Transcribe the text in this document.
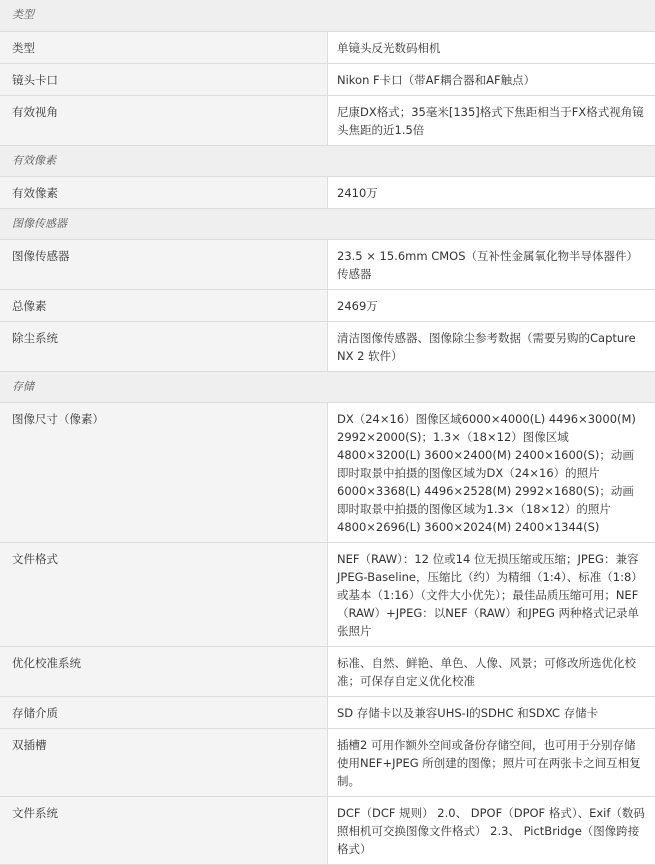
类型	
类型	单镜头反光数码相机
镜头卡口	Nikon F卡口（带AF耦合器和AF触点）
有效视角	尼康DX格式；35毫米[135]格式下焦距相当于FX格式视角镜头焦距的近1.5倍
有效像素	
有效像素	2410万
图像传感器	
图像传感器	23.5 × 15.6mm CMOS（互补性金属氧化物半导体器件）传感器
总像素	2469万
除尘系统	清洁图像传感器、图像除尘参考数据（需要另购的Capture NX 2 软件）
存储	
图像尺寸（像素）	DX（24×16）图像区域6000×4000(L) 4496×3000(M) 2992×2000(S)；1.3×（18×12）图像区域4800×3200(L) 3600×2400(M) 2400×1600(S)；动画即时取景中拍摄的图像区域为DX（24×16）的照片6000×3368(L) 4496×2528(M) 2992×1680(S)；动画即时取景中拍摄的图像区域为1.3×（18×12）的照片4800×2696(L) 3600×2024(M) 2400×1344(S)
文件格式	NEF（RAW）：12 位或14 位无损压缩或压缩；JPEG：兼容JPEG-Baseline，压缩比（约）为精细（1:4）、标准（1:8）或基本（1:16）（文件大小优先）；最佳品质压缩可用；NEF（RAW）+JPEG：以NEF（RAW）和JPEG 两种格式记录单张照片
优化校准系统	标准、自然、鲜艳、单色、人像、风景；可修改所选优化校准；可保存自定义优化校准
存储介质	SD 存储卡以及兼容UHS-I的SDHC 和SDXC 存储卡
双插槽	插槽2 可用作额外空间或备份存储空间，也可用于分别存储使用NEF+JPEG 所创建的图像；照片可在两张卡之间互相复制。
文件系统	DCF（DCF 规则） 2.0、 DPOF（DPOF 格式）、Exif（数码照相机可交换图像文件格式） 2.3、 PictBridge（图像跨接格式）
